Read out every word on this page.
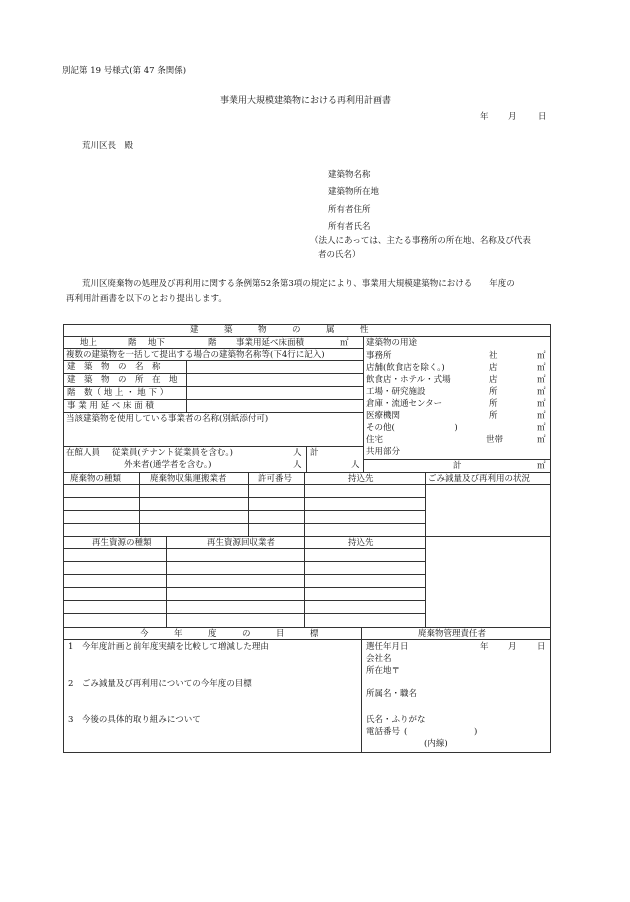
別記第 19 号様式(第 47 条関係)
事業用大規模建築物における再利用計画書
年 月	日
荒川区長　殿
建築物名称
建築物所在地
所有者住所
所有者氏名
（法人にあっては、主たる事務所の所在地、名称及び代表
者の氏名）
荒川区廃棄物の処理及び再利用に関する条例第52条第3項の規定により、事業用大規模建築物における　　年度の
再利用計画書を以下のとおり提出します。
建　　　築　　　物　　　の　　　属　　　性
地上	階 地下	階 事業用延べ床面積	㎡
複数の建築物を一括して提出する場合の建築物名称等(下4行に記入)
建　築　物　の　名　称
建　築　物　の　所　在　地
階　数（ 地 上 ・ 地 下 ）
事 業 用 延 べ 床 面 積
当該建築物を使用している事業者の名称(別紙添付可)
在館人員 従業員(テナント従業員を含む。)	人
外来者(通学者を含む。)	人
計
人
建築物の用途
事務所	社	㎡
店舗(飲食店を除く。)	店	㎡
飲食店・ホテル・式場	店	㎡
工場・研究施設	所	㎡
倉庫・流通センター	所	㎡
医療機関	所	㎡
その他(　　　　　　　)	㎡
住宅	世帯	㎡
共用部分
計	㎡
廃棄物の種類	廃棄物収集運搬業者	許可番号	持込先	ごみ減量及び再利用の状況
再生資源の種類	再生資源回収業者	持込先
今　　　年　　　度　　　の　　　目　　　標
1　今年度計画と前年度実績を比較して増減した理由
2　ごみ減量及び再利用についての今年度の目標
3　今後の具体的取り組みについて
廃棄物管理責任者
選任年月日	年 月 日
会社名
所在地〒
所属名・職名
氏名・ふりがな
電話番号 (	)
(内線)
